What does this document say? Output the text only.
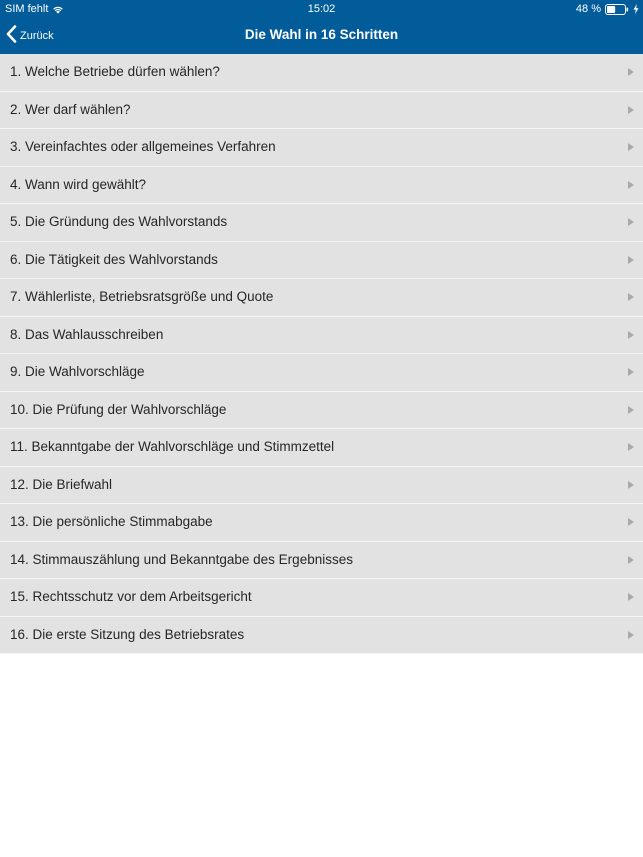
SIM fehlt	15:02	48 %
Zurück	Die Wahl in 16 Schritten
1. Welche Betriebe dürfen wählen?
2. Wer darf wählen?
3. Vereinfachtes oder allgemeines Verfahren
4. Wann wird gewählt?
5. Die Gründung des Wahlvorstands
6. Die Tätigkeit des Wahlvorstands
7. Wählerliste, Betriebsratsgröße und Quote
8. Das Wahlausschreiben
9. Die Wahlvorschläge
10. Die Prüfung der Wahlvorschläge
11. Bekanntgabe der Wahlvorschläge und Stimmzettel
12. Die Briefwahl
13. Die persönliche Stimmabgabe
14. Stimmauszählung und Bekanntgabe des Ergebnisses
15. Rechtsschutz vor dem Arbeitsgericht
16. Die erste Sitzung des Betriebsrates
